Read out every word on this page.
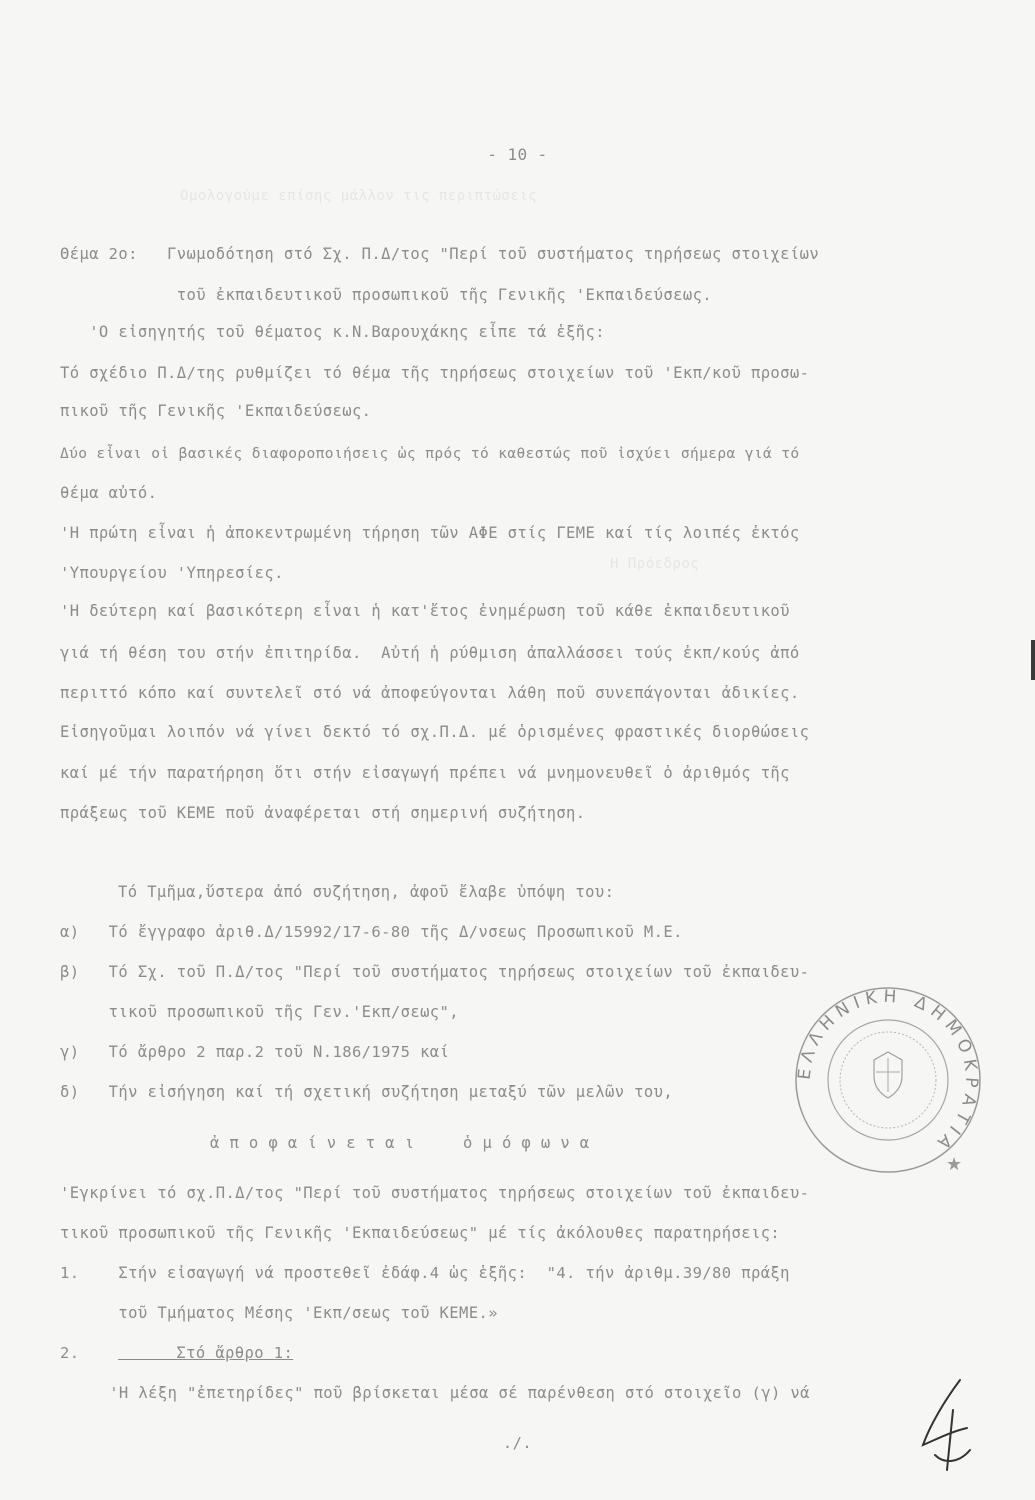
Ομολογούμε επίσης μάλλον τις περιπτώσεις
Η Πρόεδρος
- 10 -
Θέμα 2ο:   Γνωμοδότηση στό Σχ. Π.Δ/τος "Περί τοῦ συστήματος τηρήσεως στοιχείων
τοῦ ἐκπαιδευτικοῦ προσωπικοῦ τῆς Γενικῆς 'Εκπαιδεύσεως.
'Ο εἰσηγητής τοῦ θέματος κ.Ν.Βαρουχάκης εἶπε τά ἑξῆς:
Τό σχέδιο Π.Δ/της ρυθμίζει τό θέμα τῆς τηρήσεως στοιχείων τοῦ 'Εκπ/κοῦ προσω-
πικοῦ τῆς Γενικῆς 'Εκπαιδεύσεως.
Δύο εἶναι οἱ βασικές διαφοροποιήσεις ὡς πρός τό καθεστώς ποῦ ἰσχύει σήμερα γιά τό
θέμα αὐτό.
'Η πρώτη εἶναι ἡ ἀποκεντρωμένη τήρηση τῶν ΑΦΕ στίς ΓΕΜΕ καί τίς λοιπές ἐκτός
'Υπουργείου 'Υπηρεσίες.
'Η δεύτερη καί βασικότερη εἶναι ἡ κατ'ἔτος ἐνημέρωση τοῦ κάθε ἐκπαιδευτικοῦ
γιά τή θέση του στήν ἐπιτηρίδα.  Αὐτή ἡ ρύθμιση ἀπαλλάσσει τούς ἐκπ/κούς ἀπό
περιττό κόπο καί συντελεῖ στό νά ἀποφεύγονται λάθη ποῦ συνεπάγονται ἀδικίες.
Εἰσηγοῦμαι λοιπόν νά γίνει δεκτό τό σχ.Π.Δ. μέ ὁρισμένες φραστικές διορθώσεις
καί μέ τήν παρατήρηση ὅτι στήν εἰσαγωγή πρέπει νά μνημονευθεῖ ὁ ἀριθμός τῆς
πράξεως τοῦ ΚΕΜΕ ποῦ ἀναφέρεται στή σημερινή συζήτηση.
Τό Τμῆμα,ὕστερα ἀπό συζήτηση, ἀφοῦ ἔλαβε ὑπόψη του:
α)   Τό ἔγγραφο ἀριθ.Δ/15992/17-6-80 τῆς Δ/νσεως Προσωπικοῦ Μ.Ε.
β)   Τό Σχ. τοῦ Π.Δ/τος "Περί τοῦ συστήματος τηρήσεως στοιχείων τοῦ ἐκπαιδευ-
τικοῦ προσωπικοῦ τῆς Γεν.'Εκπ/σεως",
γ)   Τό ἄρθρο 2 παρ.2 τοῦ Ν.186/1975 καί
δ)   Τήν εἰσήγηση καί τή σχετική συζήτηση μεταξύ τῶν μελῶν του,
ἀ π ο φ α ί ν ε τ α ι     ὁ μ ό φ ω ν α
'Εγκρίνει τό σχ.Π.Δ/τος "Περί τοῦ συστήματος τηρήσεως στοιχείων τοῦ ἐκπαιδευ-
τικοῦ προσωπικοῦ τῆς Γενικῆς 'Εκπαιδεύσεως" μέ τίς ἀκόλουθες παρατηρήσεις:
1.    Στήν εἰσαγωγή νά προστεθεῖ ἐδάφ.4 ὡς ἑξῆς:  "4. τήν ἀριθμ.39/80 πράξη
τοῦ Τμήματος Μέσης 'Εκπ/σεως τοῦ ΚΕΜΕ.»
2. Στό ἄρθρο 1:
'Η λέξη "ἐπετηρίδες" ποῦ βρίσκεται μέσα σέ παρένθεση στό στοιχεῖο (γ) νά
./.
ΕΛΛΗΝΙΚΗ ΔΗΜΟΚΡΑΤΙΑ
★
